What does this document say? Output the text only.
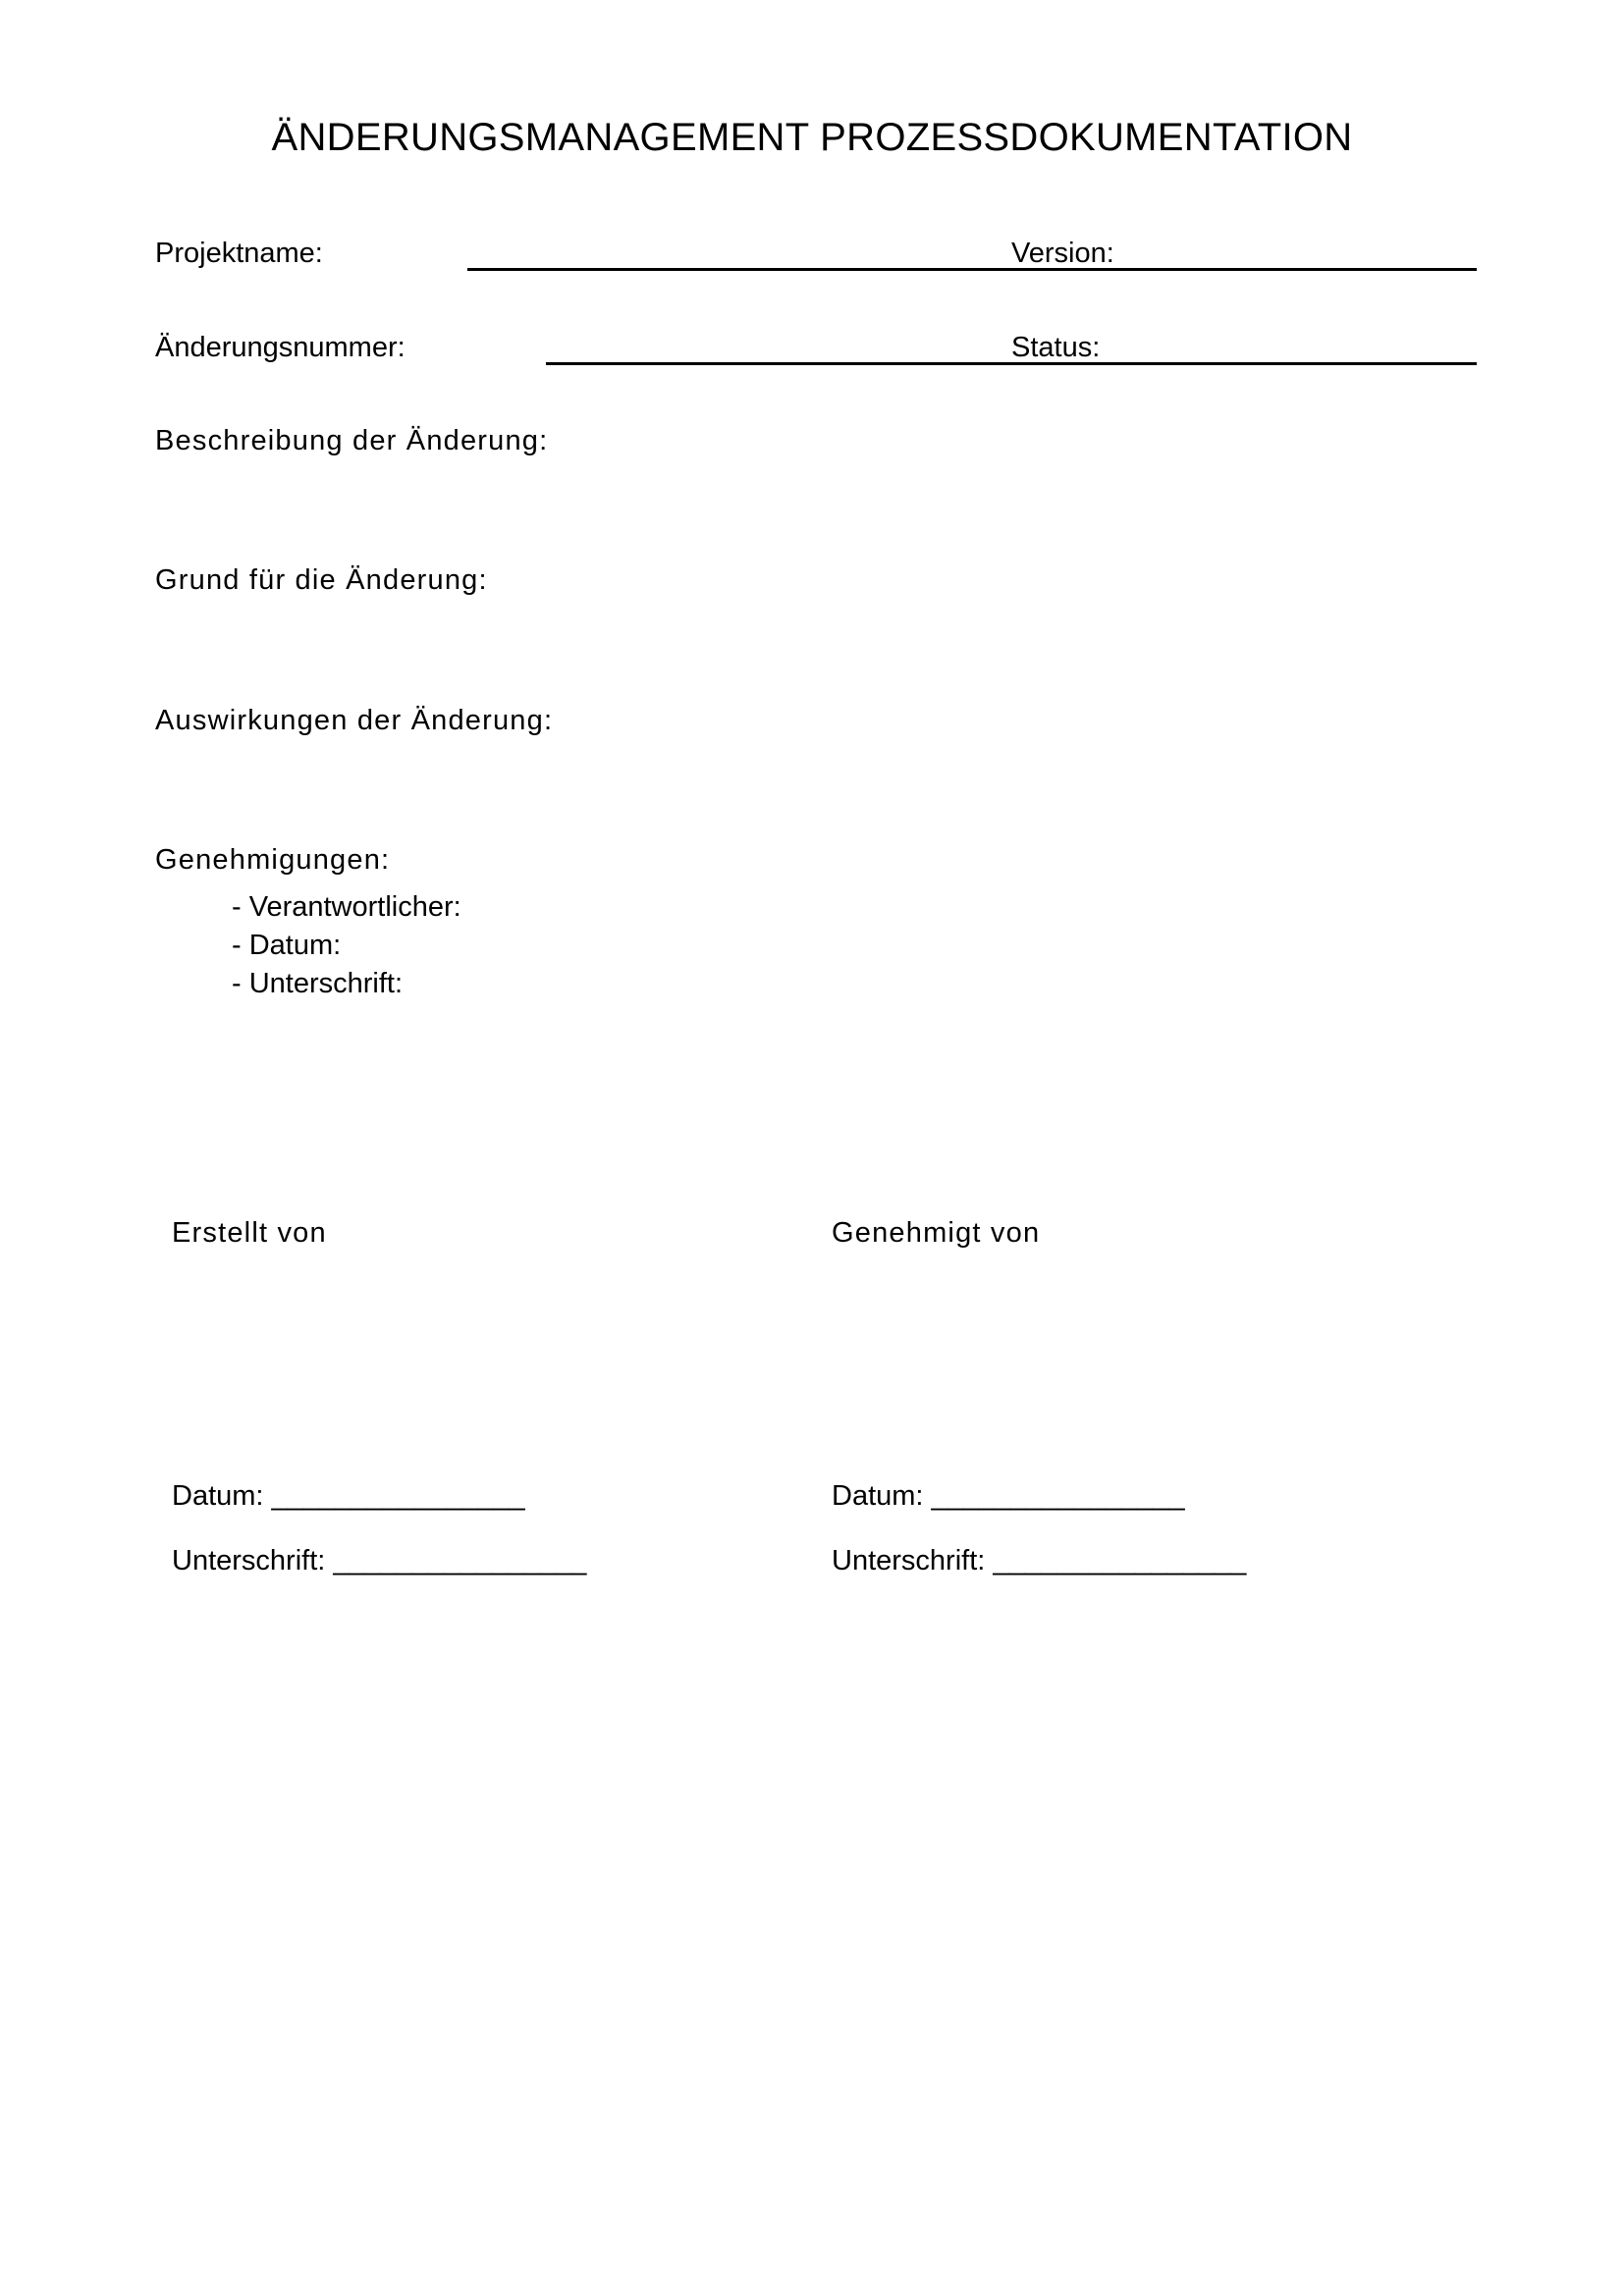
ÄNDERUNGSMANAGEMENT PROZESSDOKUMENTATION
Projektname:	Version:
Änderungsnummer:	Status:
Beschreibung der Änderung:
Grund für die Änderung:
Auswirkungen der Änderung:
Genehmigungen:
- Verantwortlicher:
- Datum:
- Unterschrift:
Erstellt von
Datum: ________________
Unterschrift: ________________
Genehmigt von
Datum: ________________
Unterschrift: ________________
